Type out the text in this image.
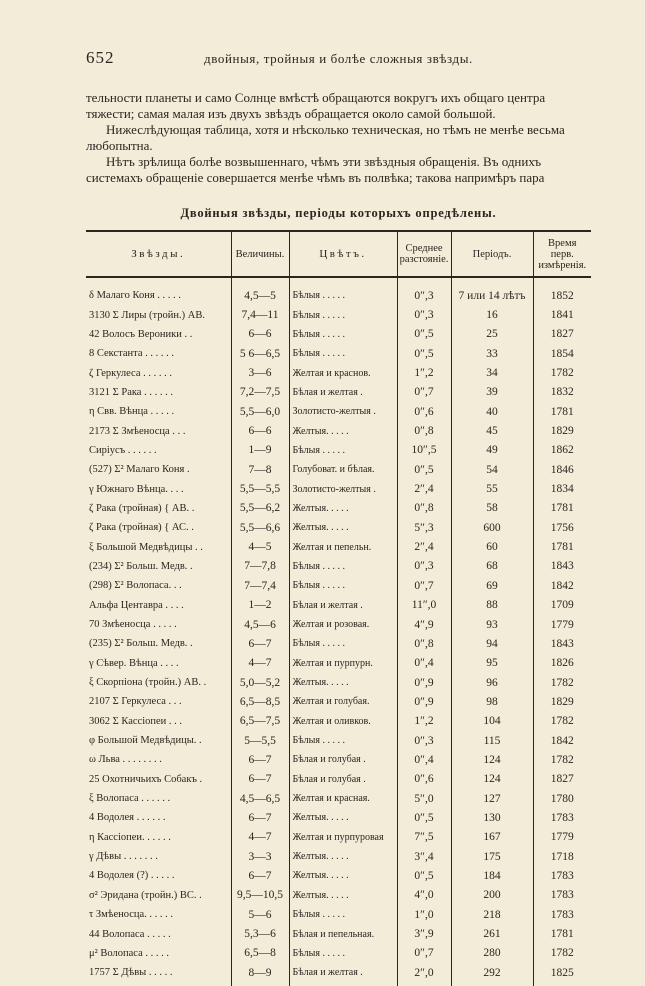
652	двойныя, тройныя и болѣе сложныя звѣзды.

тельности планеты и само Солнце вмѣстѣ обращаются вокругъ ихъ общаго центра
тяжести; самая малая изъ двухъ звѣздъ обращается около самой большой.

Нижеслѣдующая таблица, хотя и нѣсколько техническая, но тѣмъ не менѣе весьма
любопытна.

Нѣтъ зрѣлища болѣе возвышеннаго, чѣмъ эти звѣздныя обращенія. Въ однихъ
системахъ обращеніе совершается менѣе чѣмъ въ полвѣка; такова напримѣръ пара

Двойныя звѣзды, періоды которыхъ опредѣлены.
Звѣзды.	Величины.	Цвѣтъ.	Среднее разстояніе.	Періодъ.	Время перв. измѣренія.
δ Малаго Коня . . . . .	4,5—5	Бѣлыя . . . . .	0″,3	7 или 14 лѣтъ	1852
3130 Σ Лиры (тройн.) АВ.	7,4—11	Бѣлыя . . . . .	0″,3	16	1841
42 Волосъ Вероники . .	6—6	Бѣлыя . . . . .	0″,5	25	1827
8 Секстанта . . . . . .	5 6—6,5	Бѣлыя . . . . .	0″,5	33	1854
ζ Геркулеса . . . . . .	3—6	Желтая и краснов.	1″,2	34	1782
3121 Σ Рака . . . . . .	7,2—7,5	Бѣлая и желтая .	0″,7	39	1832
η Свв. Вѣнца . . . . .	5,5—6,0	Золотисто-желтыя .	0″,6	40	1781
2173 Σ Змѣеносца . . .	6—6	Желтыя. . . . .	0″,8	45	1829
Сиріусъ . . . . . .	1—9	Бѣлыя . . . . .	10″,5	49	1862
(527) Σ² Малаго Коня .	7—8	Голубоват. и бѣлая.	0″,5	54	1846
γ Южнаго Вѣнца. . . .	5,5—5,5	Золотисто-желтыя .	2″,4	55	1834
ζ Рака (тройная) { АВ. .	5,5—6,2	Желтыя. . . . .	0″,8	58	1781
ζ Рака (тройная) { АС. .	5,5—6,6	Желтыя. . . . .	5″,3	600	1756
ξ Большой Медвѣдицы . .	4—5	Желтая и пепельн.	2″,4	60	1781
(234) Σ² Больш. Медв. .	7—7,8	Бѣлыя . . . . .	0″,3	68	1843
(298) Σ² Волопаса. . .	7—7,4	Бѣлыя . . . . .	0″,7	69	1842
Альфа Центавра . . . .	1—2	Бѣлая и желтая .	11″,0	88	1709
70 Змѣеносца . . . . .	4,5—6	Желтая и розовая.	4″,9	93	1779
(235) Σ² Больш. Медв. .	6—7	Бѣлыя . . . . .	0″,8	94	1843
γ Сѣвер. Вѣнца . . . .	4—7	Желтая и пурпурн.	0″,4	95	1826
ξ Скорпіона (тройн.) АВ. .	5,0—5,2	Желтыя. . . . .	0″,9	96	1782
2107 Σ Геркулеса . . .	6,5—8,5	Желтая и голубая.	0″,9	98	1829
3062 Σ Кассіопеи . . .	6,5—7,5	Желтая и оливков.	1″,2	104	1782
φ Большой Медвѣдицы. .	5—5,5	Бѣлыя . . . . .	0″,3	115	1842
ω Льва . . . . . . . .	6—7	Бѣлая и голубая .	0″,4	124	1782
25 Охотничьихъ Собакъ .	6—7	Бѣлая и голубая .	0″,6	124	1827
ξ Волопаса . . . . . .	4,5—6,5	Желтая и красная.	5″,0	127	1780
4 Водолея . . . . . .	6—7	Желтыя. . . . .	0″,5	130	1783
η Кассіопеи. . . . . .	4—7	Желтая и пурпуровая	7″,5	167	1779
γ Дѣвы . . . . . . .	3—3	Желтыя. . . . .	3″,4	175	1718
4 Водолея (?) . . . . .	6—7	Желтыя. . . . .	0″,5	184	1783
σ² Эридана (тройн.) ВС. .	9,5—10,5	Желтыя. . . . .	4″,0	200	1783
τ Змѣеносца. . . . . .	5—6	Бѣлыя . . . . .	1″,0	218	1783
44 Волопаса . . . . .	5,3—6	Бѣлая и пепельная.	3″,9	261	1781
μ² Волопаса . . . . .	6,5—8	Бѣлыя . . . . .	0″,7	280	1782
1757 Σ Дѣвы . . . . .	8—9	Бѣлая и желтая .	2″,0	292	1825
